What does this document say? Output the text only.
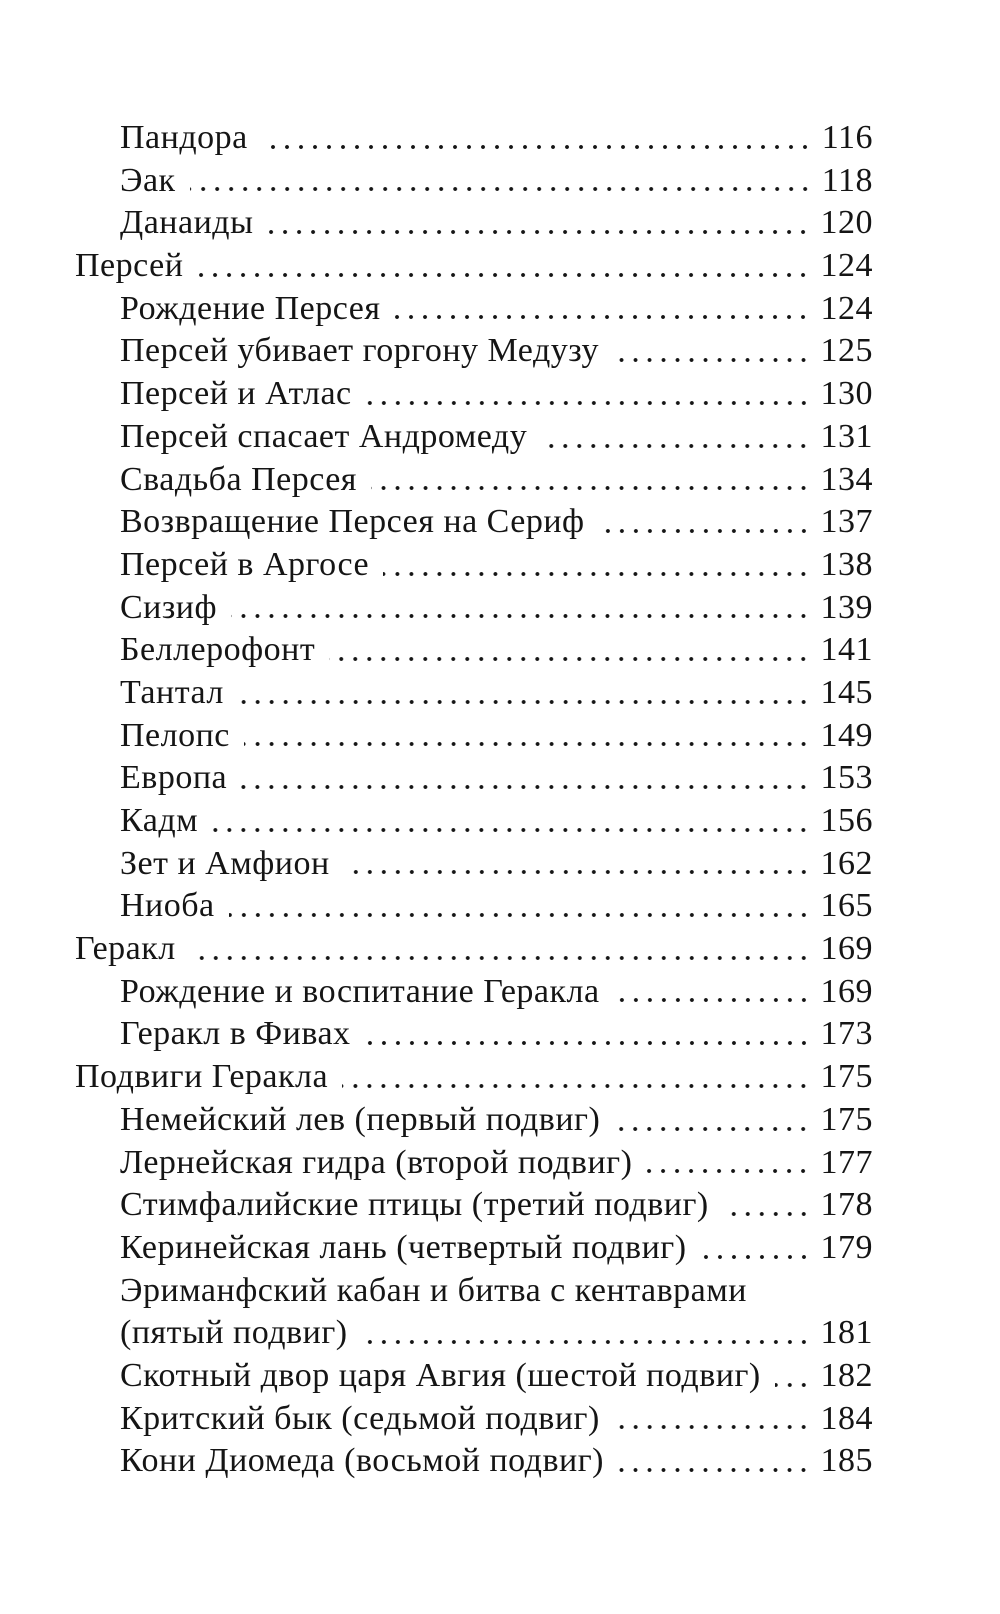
Пандора	116
Эак	118
Данаиды	120
Персей	124
Рождение Персея	124
Персей убивает горгону Медузу	125
Персей и Атлас	130
Персей спасает Андромеду	131
Свадьба Персея	134
Возвращение Персея на Сериф	137
Персей в Аргосе	138
Сизиф	139
Беллерофонт	141
Тантал	145
Пелопс	149
Европа	153
Кадм	156
Зет и Амфион	162
Ниоба	165
Геракл	169
Рождение и воспитание Геракла	169
Геракл в Фивах	173
Подвиги Геракла	175
Немейский лев (первый подвиг)	175
Лернейская гидра (второй подвиг)	177
Стимфалийские птицы (третий подвиг)	178
Керинейская лань (четвертый подвиг)	179
Эриманфский кабан и битва с кентаврами
(пятый подвиг)	181
Скотный двор царя Авгия (шестой подвиг) 182
Критский бык (седьмой подвиг)	184
Кони Диомеда (восьмой подвиг)	185
